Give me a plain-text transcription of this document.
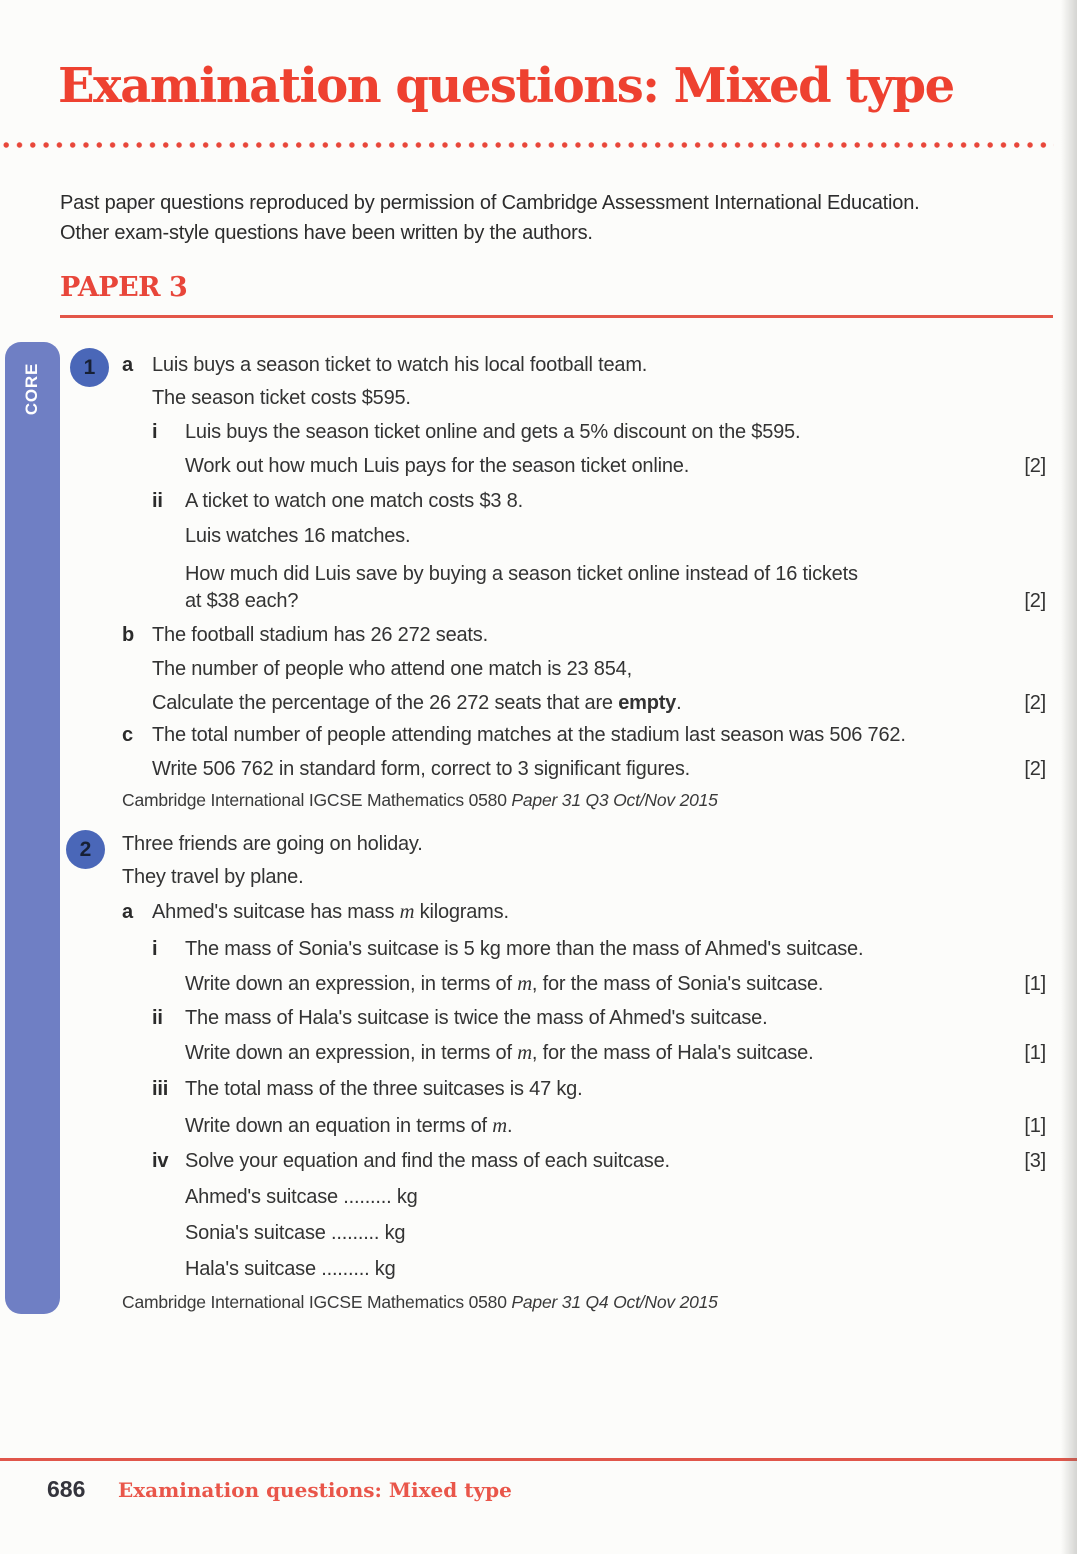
Examination questions: Mixed type
Past paper questions reproduced by permission of Cambridge Assessment International Education.
Other exam-style questions have been written by the authors.
PAPER 3
CORE	1
2
a Luis buys a season ticket to watch his local football team.
The season ticket costs $595.
i	Luis buys the season ticket online and gets a 5% discount on the $595.
Work out how much Luis pays for the season ticket online.	[2]
ii	A ticket to watch one match costs $3 8.
Luis watches 16 matches.
How much did Luis save by buying a season ticket online instead of 16 tickets
at $38 each?	[2]
b The football stadium has 26 272 seats.
The number of people who attend one match is 23 854,
Calculate the percentage of the 26 272 seats that are empty.	[2]
c The total number of people attending matches at the stadium last season was 506 762.
Write 506 762 in standard form, correct to 3 significant figures.	[2]
Cambridge International IGCSE Mathematics 0580 Paper 31 Q3 Oct/Nov 2015
Three friends are going on holiday.
They travel by plane.
a Ahmed's suitcase has mass m kilograms.
i	The mass of Sonia's suitcase is 5 kg more than the mass of Ahmed's suitcase.
Write down an expression, in terms of m, for the mass of Sonia's suitcase.	[1]
ii	The mass of Hala's suitcase is twice the mass of Ahmed's suitcase.
Write down an expression, in terms of m, for the mass of Hala's suitcase.	[1]
iii The total mass of the three suitcases is 47 kg.
Write down an equation in terms of m.	[1]
iv Solve your equation and find the mass of each suitcase.	[3]
Ahmed's suitcase ......... kg
Sonia's suitcase ......... kg
Hala's suitcase ......... kg
Cambridge International IGCSE Mathematics 0580 Paper 31 Q4 Oct/Nov 2015
686 Examination questions: Mixed type
